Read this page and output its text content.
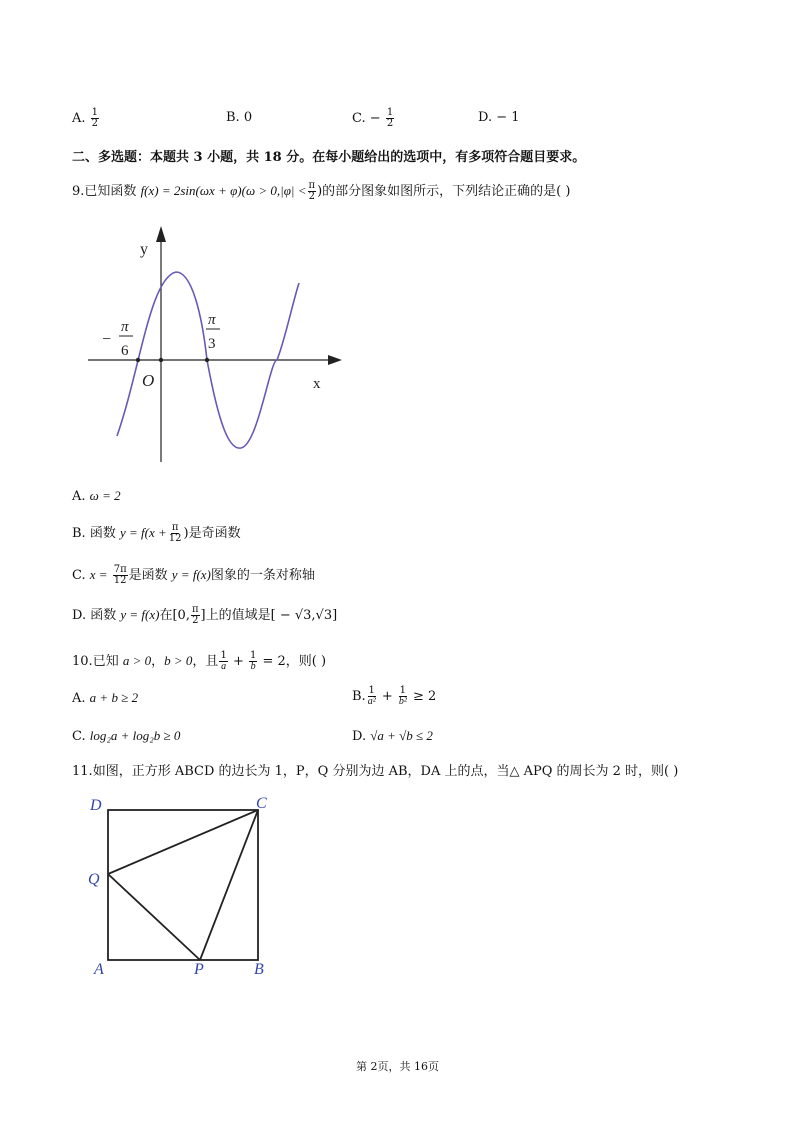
A. $\frac{1}{2}$	B. 0	C. − $\frac{1}{2}$	D. − 1
二、多选题：本题共 3 小题，共 18 分。在每小题给出的选项中，有多项符合题目要求。
9.已知函数 $f(x) = 2\sin(\omega x + \varphi)(\omega > 0,|\varphi| < \frac{\pi}{2}$ )的部分图象如图所示，下列结论正确的是( )
y
x
O
−
π
6
π
3
A. ω = 2
B. 函数 $y = f(x + \frac{\pi}{12}$ )是奇函数
C. $x = \frac{7\pi}{12}$ 是函数 y = f(x)图象的一条对称轴
D. 函数 y = f(x)在[0, $\frac{\pi}{2}$ ]上的值域是[ − √3,√3]
10.已知 a > 0，b > 0，且 $\frac{1}{a} + \frac{1}{b} = 2$，则( )
A. a + b ≥ 2	B. $\frac{1}{\text{a²}} + \frac{1}{\text{b²}} \ge 2$
C. log₂a + log₂b ≥ 0	D. √a + √b ≤ 2
11.如图，正方形 ABCD 的边长为 1，P，Q 分别为边 AB，DA 上的点，当△ APQ 的周长为 2 时，则( )
D	C
Q
A	P	B
第 2页，共 16页
